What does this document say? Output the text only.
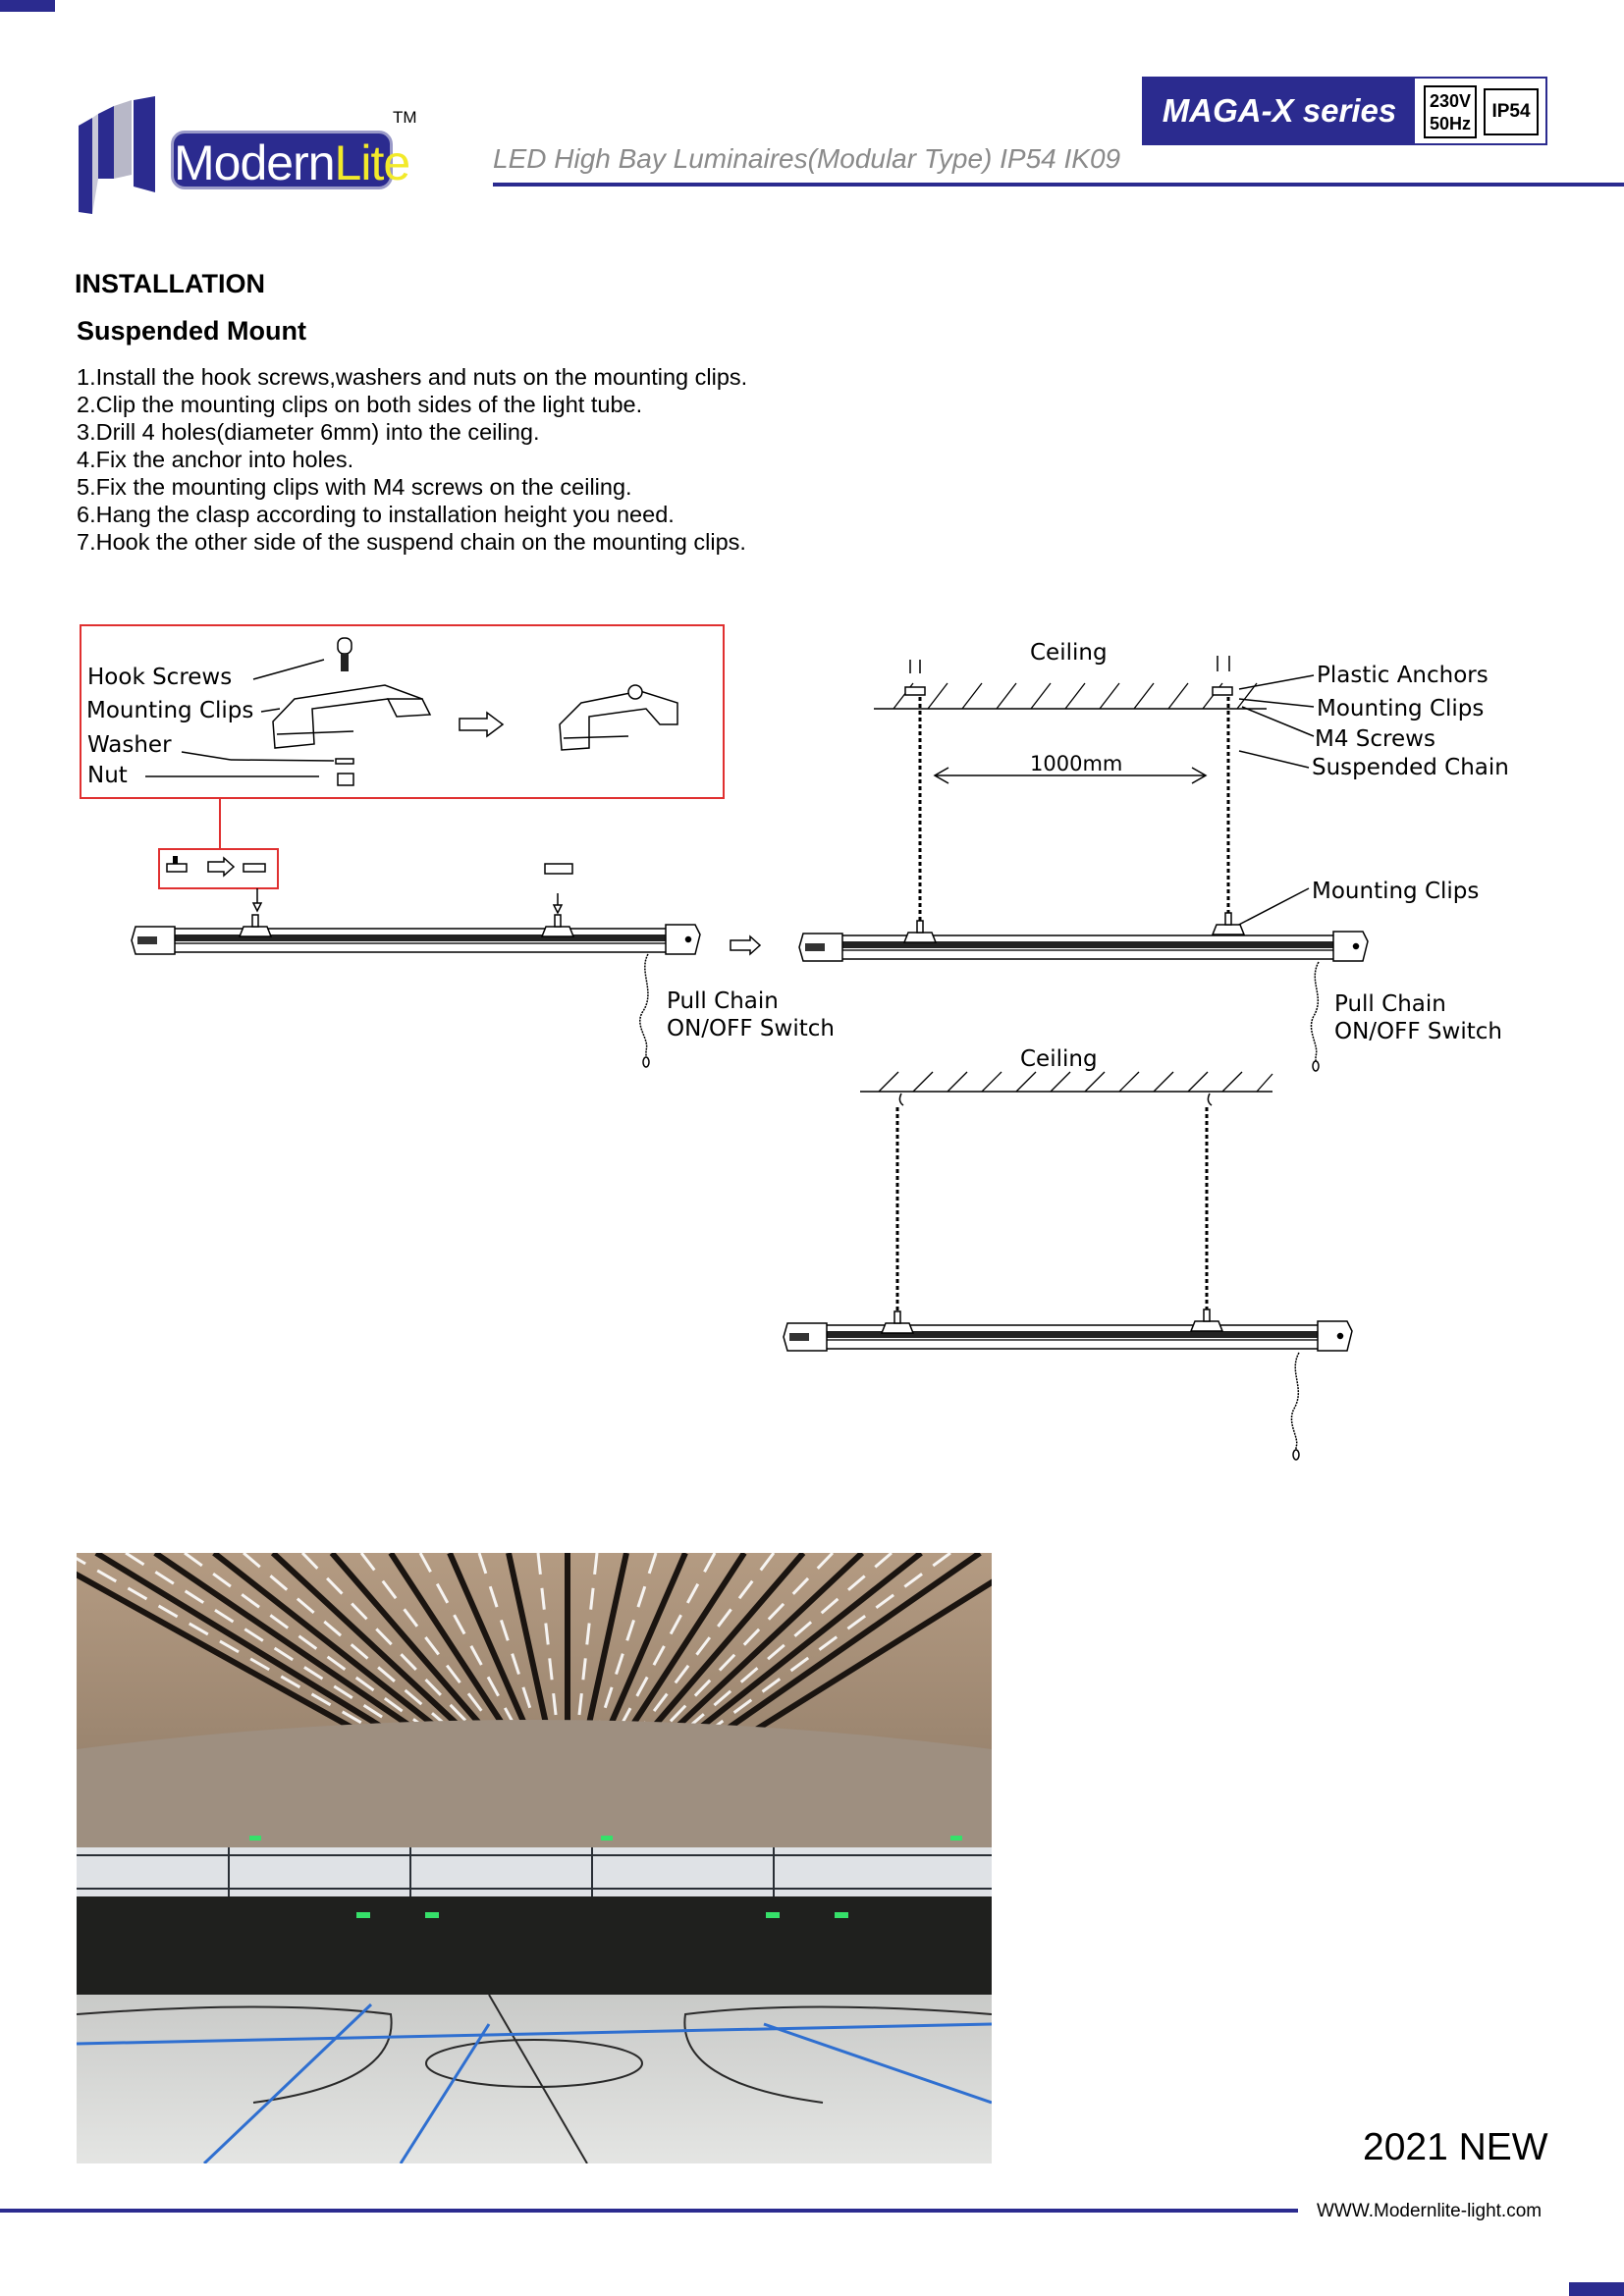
ModernLite
TM	MAGA-X series	230V
50Hz
IP54
LED High Bay Luminaires(Modular Type) IP54 IK09
INSTALLATION
Suspended Mount
1.Install the hook screws,washers and nuts on the mounting clips.
2.Clip the mounting clips on both sides of the light tube.
3.Drill 4 holes(diameter 6mm) into the ceiling.
4.Fix the anchor into holes.
5.Fix the mounting clips with M4 screws on the ceiling.
6.Hang the clasp according to installation height you need.
7.Hook the other side of the suspend chain on the mounting clips.
Hook Screws
Mounting Clips
Washer
Nut
Pull Chain
ON/OFF Switch
Ceiling
Plastic Anchors
Mounting Clips
M4 Screws
Suspended Chain
1000mm
Mounting Clips
Pull Chain
ON/OFF Switch
Ceiling
2021 NEW
WWW.Modernlite-light.com
